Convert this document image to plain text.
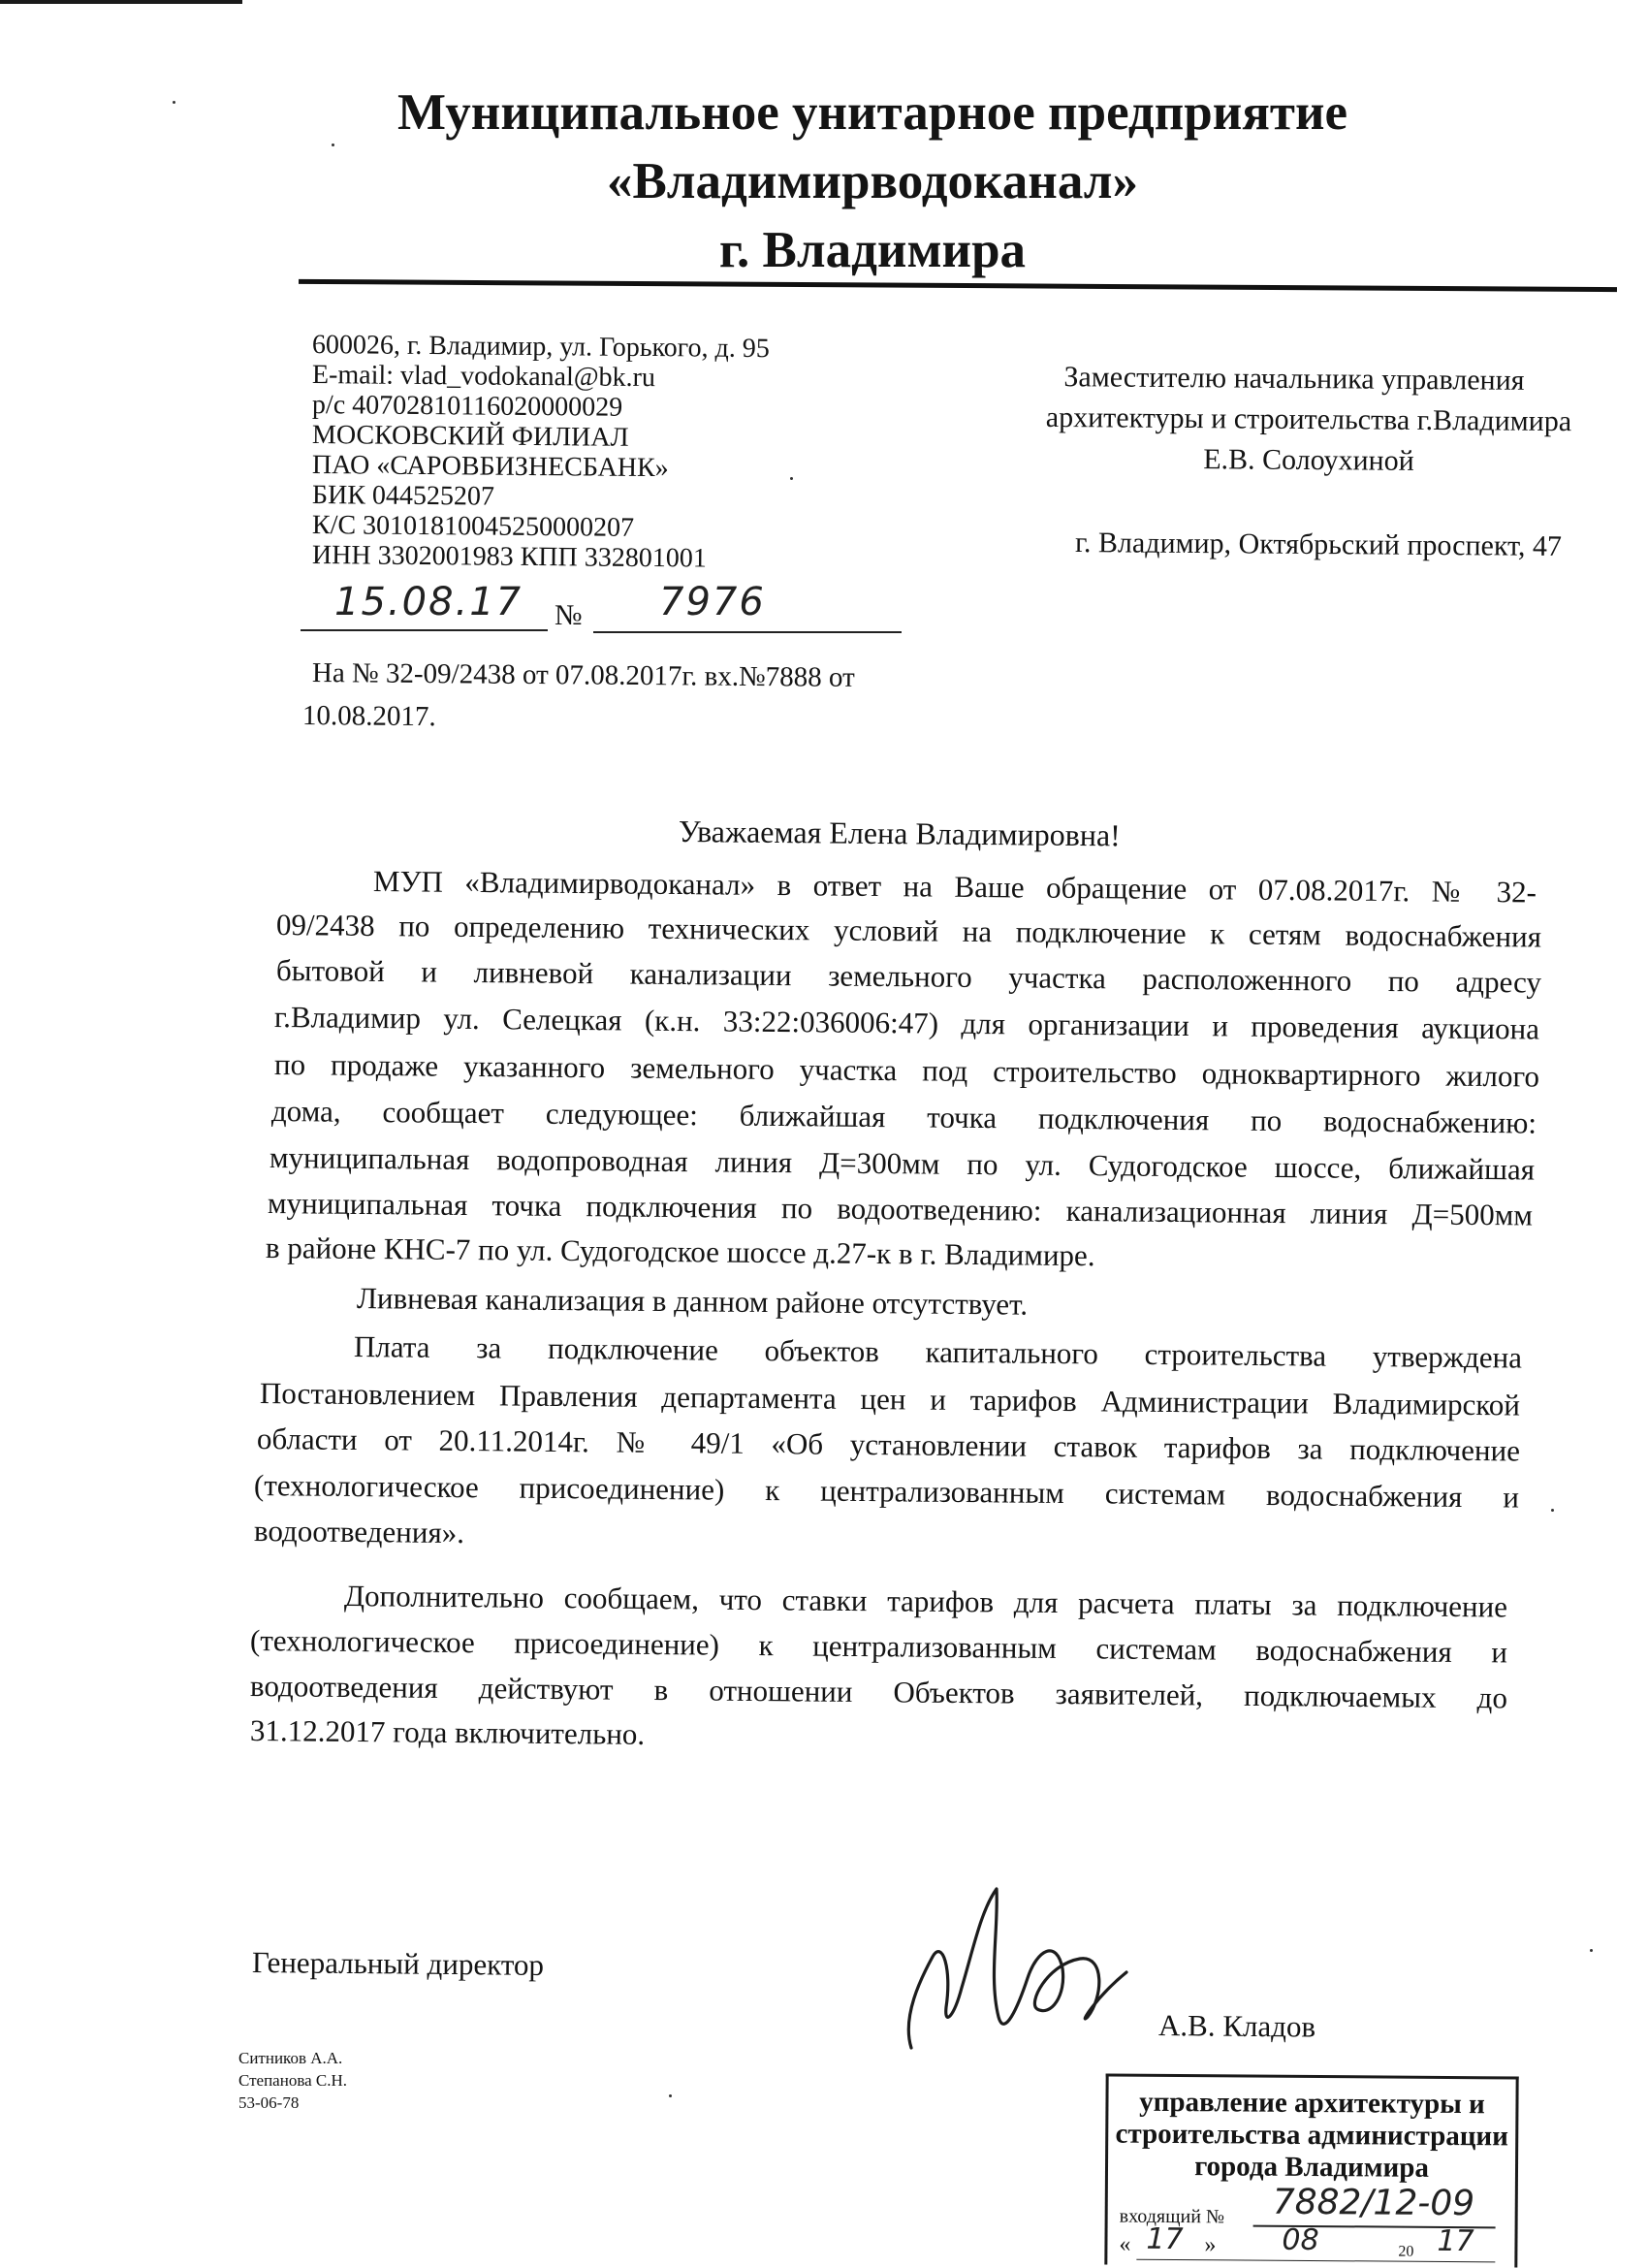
Муниципальное унитарное предприятие
«Владимирводоканал»
г. Владимира
600026, г. Владимир, ул. Горького, д. 95
E-mail: vlad_vodokanal@bk.ru
р/с 40702810116020000029
МОСКОВСКИЙ ФИЛИАЛ
ПАО «САРОВБИЗНЕСБАНК»
БИК 044525207
К/С 30101810045250000207
ИНН 3302001983 КПП 332801001
15.08.17 № 7976
На № 32-09/2438 от 07.08.2017г. вх.№7888 от
10.08.2017.
Заместителю начальника управления
архитектуры и строительства г.Владимира
Е.В. Солоухиной
г. Владимир, Октябрьский проспект, 47
Уважаемая Елена Владимировна!
МУП «Владимирводоканал» в ответ на Ваше обращение от 07.08.2017г. № 32-
09/2438 по определению технических условий на подключение к сетям водоснабжения
бытовой и ливневой канализации земельного участка расположенного по адресу
г.Владимир ул. Селецкая (к.н. 33:22:036006:47) для организации и проведения аукциона
по продаже указанного земельного участка под строительство одноквартирного жилого
дома, сообщает следующее: ближайшая точка подключения по водоснабжению:
муниципальная водопроводная линия Д=300мм по ул. Судогодское шоссе, ближайшая
муниципальная точка подключения по водоотведению: канализационная линия Д=500мм
в районе КНС-7 по ул. Судогодское шоссе д.27-к в г. Владимире.
Ливневая канализация в данном районе отсутствует.
Плата за подключение объектов капитального строительства утверждена
Постановлением Правления департамента цен и тарифов Администрации Владимирской
области от 20.11.2014г. № 49/1 «Об установлении ставок тарифов за подключение
(технологическое присоединение) к централизованным системам водоснабжения и
водоотведения».
Дополнительно сообщаем, что ставки тарифов для расчета платы за подключение
(технологическое присоединение) к централизованным системам водоснабжения и
водоотведения действуют в отношении Объектов заявителей, подключаемых до
31.12.2017 года включительно.
Генеральный директор
А.В. Кладов
Ситников А.А.
Степанова С.Н.
53-06-78	управление архитектуры и
строительства администрации
города Владимира
входящий № 7882/12-09
« 17 » 08	20 17
